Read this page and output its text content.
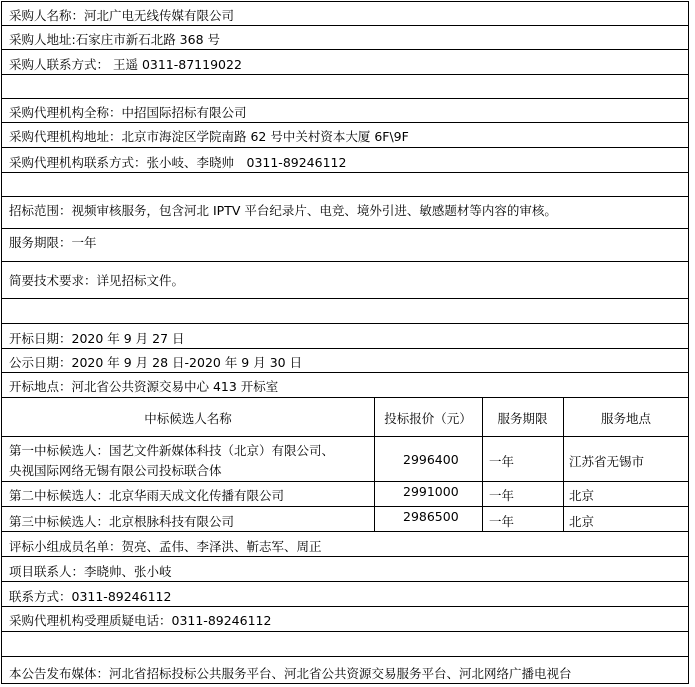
采购人名称：河北广电无线传媒有限公司
采购人地址:石家庄市新石北路 368 号
采购人联系方式： 王遥 0311-87119022
采购代理机构全称：中招国际招标有限公司
采购代理机构地址：北京市海淀区学院南路 62 号中关村资本大厦 6F\9F
采购代理机构联系方式：张小岐、李晓帅　0311-89246112
招标范围：视频审核服务，包含河北 IPTV 平台纪录片、电竞、境外引进、敏感题材等内容的审核。
服务期限：一年
简要技术要求：详见招标文件。
开标日期：2020 年 9 月 27 日
公示日期：2020 年 9 月 28 日-2020 年 9 月 30 日
开标地点：河北省公共资源交易中心 413 开标室
中标候选人名称	投标报价（元）	服务期限	服务地点
第一中标候选人：国艺文件新媒体科技（北京）有限公司、
央视国际网络无锡有限公司投标联合体
2996400 一年	江苏省无锡市
第二中标候选人：北京华雨天成文化传播有限公司	2991000 一年	北京
第三中标候选人：北京根脉科技有限公司	2986500 一年	北京
评标小组成员名单：贺亮、孟伟、李泽洪、靳志军、周正
项目联系人：李晓帅、张小岐
联系方式：0311-89246112
采购代理机构受理质疑电话：0311-89246112
本公告发布媒体：河北省招标投标公共服务平台、河北省公共资源交易服务平台、河北网络广播电视台
